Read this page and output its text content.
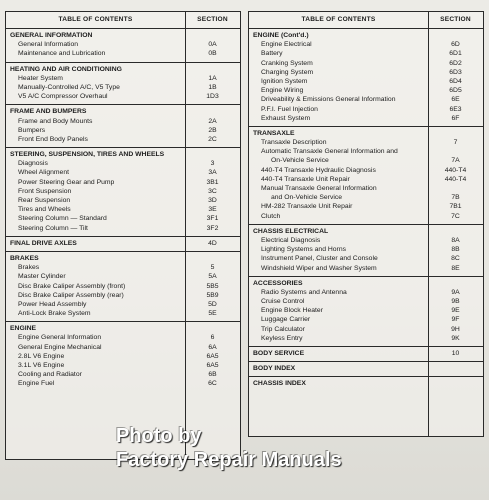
TABLE OF CONTENTS	SECTION
GENERAL INFORMATION
General Information	0A
Maintenance and Lubrication	0B
HEATING AND AIR CONDITIONING
Heater System	1A
Manually-Controlled A/C, V5 Type	1B
V5 A/C Compressor Overhaul	1D3
FRAME AND BUMPERS
Frame and Body Mounts	2A
Bumpers	2B
Front End Body Panels	2C
STEERING, SUSPENSION, TIRES AND WHEELS
Diagnosis	3
Wheel Alignment	3A
Power Steering Gear and Pump	3B1
Front Suspension	3C
Rear Suspension	3D
Tires and Wheels	3E
Steering Column — Standard	3F1
Steering Column — Tilt	3F2
FINAL DRIVE AXLES	4D
BRAKES
Brakes	5
Master Cylinder	5A
Disc Brake Caliper Assembly (front)	5B5
Disc Brake Caliper Assembly (rear)	5B9
Power Head Assembly	5D
Anti-Lock Brake System	5E
ENGINE
Engine General Information	6
General Engine Mechanical	6A
2.8L V6 Engine	6A5
3.1L V6 Engine	6A5
Cooling and Radiator	6B
Engine Fuel	6C
TABLE OF CONTENTS	SECTION
ENGINE (Cont'd.)
Engine Electrical	6D
Battery	6D1
Cranking System	6D2
Charging System	6D3
Ignition System	6D4
Engine Wiring	6D5
Driveability & Emissions General Information	6E
P.F.I. Fuel Injection	6E3
Exhaust System	6F
TRANSAXLE
Transaxle Description	7
Automatic Transaxle General Information and
On-Vehicle Service	7A
440-T4 Transaxle Hydraulic Diagnosis	440-T4
440-T4 Transaxle Unit Repair	440-T4
Manual Transaxle General Information
and On-Vehicle Service	7B
HM-282 Transaxle Unit Repair	7B1
Clutch	7C
CHASSIS ELECTRICAL
Electrical Diagnosis	8A
Lighting Systems and Horns	8B
Instrument Panel, Cluster and Console	8C
Windshield Wiper and Washer System	8E
ACCESSORIES
Radio Systems and Antenna	9A
Cruise Control	9B
Engine Block Heater	9E
Luggage Carrier	9F
Trip Calculator	9H
Keyless Entry	9K
BODY SERVICE	10
BODY INDEX
CHASSIS INDEX
Photo by
Factory Repair Manuals
